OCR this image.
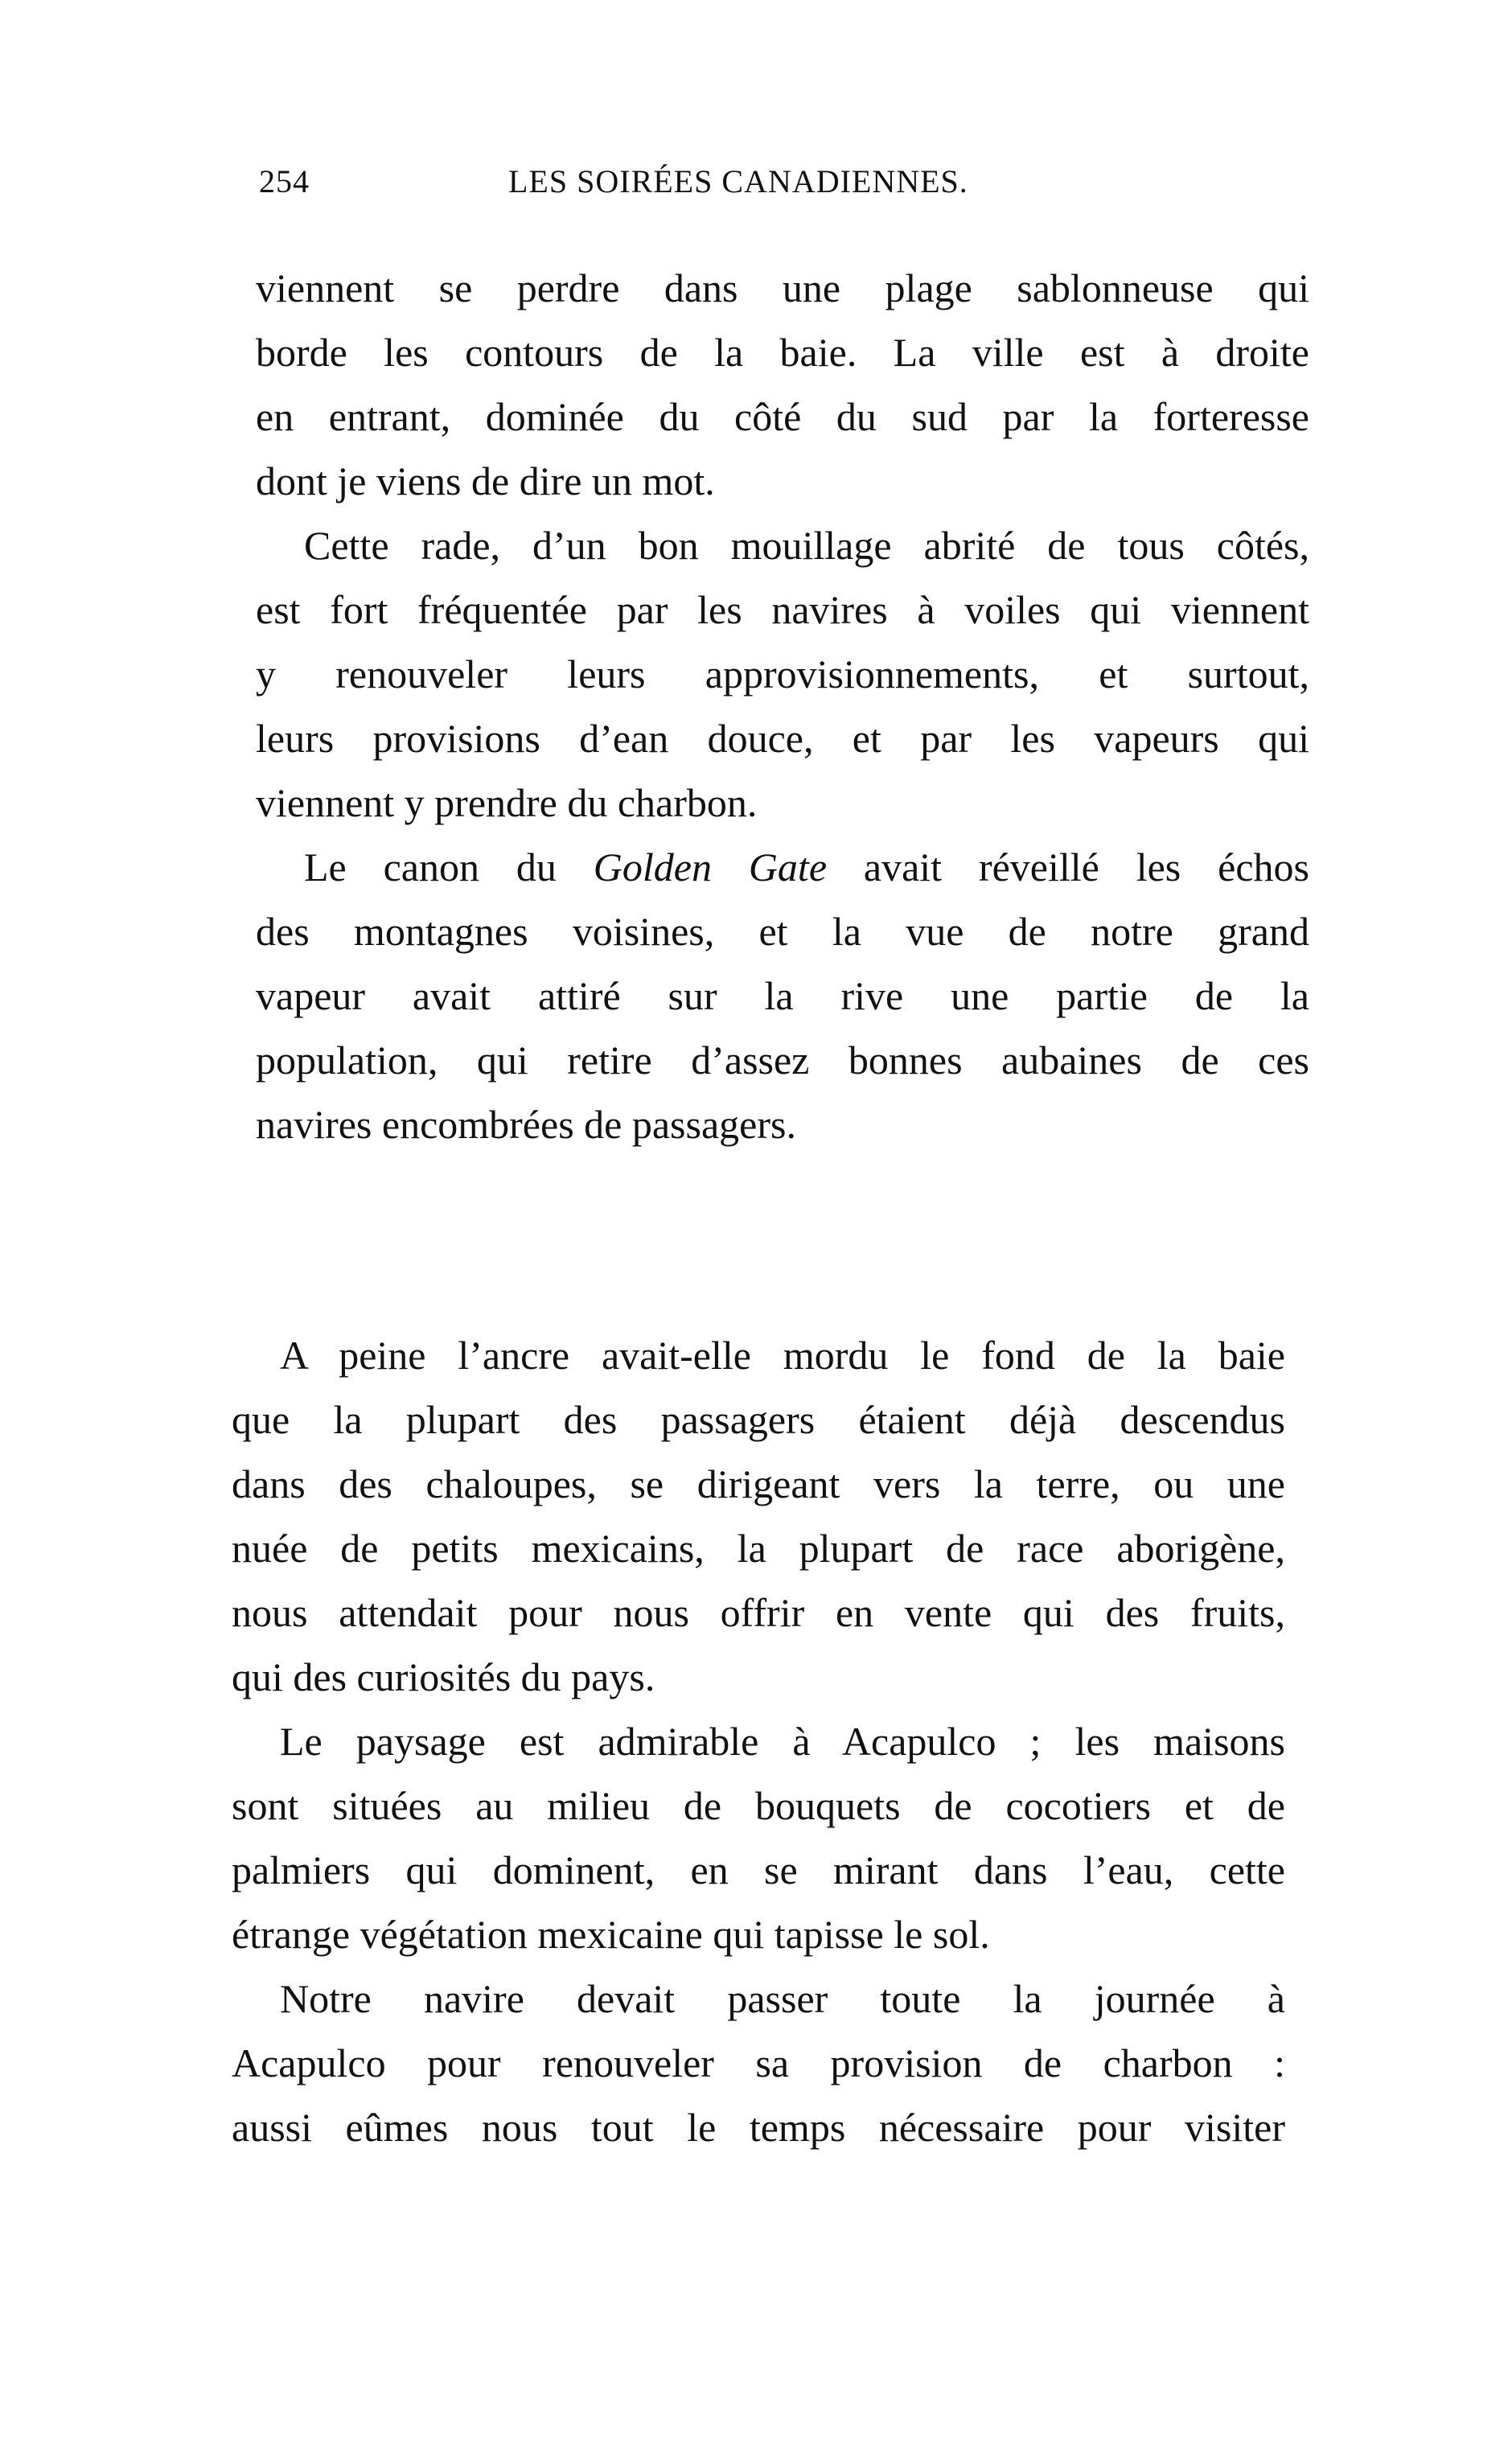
254	LES SOIRÉES CANADIENNES.

viennent se perdre dans une plage sablonneuse qui
borde les contours de la baie. La ville est à droite
en entrant, dominée du côté du sud par la forteresse
dont je viens de dire un mot.

Cette rade, d’un bon mouillage abrité de tous côtés,
est fort fréquentée par les navires à voiles qui viennent
y renouveler leurs approvisionnements, et surtout,
leurs provisions d’ean douce, et par les vapeurs qui
viennent y prendre du charbon.

Le canon du Golden Gate avait réveillé les échos
des montagnes voisines, et la vue de notre grand
vapeur avait attiré sur la rive une partie de la
population, qui retire d’assez bonnes aubaines de ces
navires encombrées de passagers.

A peine l’ancre avait-elle mordu le fond de la baie
que la plupart des passagers étaient déjà descendus
dans des chaloupes, se dirigeant vers la terre, ou une
nuée de petits mexicains, la plupart de race aborigène,
nous attendait pour nous offrir en vente qui des fruits,
qui des curiosités du pays.

Le paysage est admirable à Acapulco ; les maisons
sont situées au milieu de bouquets de cocotiers et de
palmiers qui dominent, en se mirant dans l’eau, cette
étrange végétation mexicaine qui tapisse le sol.

Notre navire devait passer toute la journée à
Acapulco pour renouveler sa provision de charbon :
aussi eûmes nous tout le temps nécessaire pour visiter
